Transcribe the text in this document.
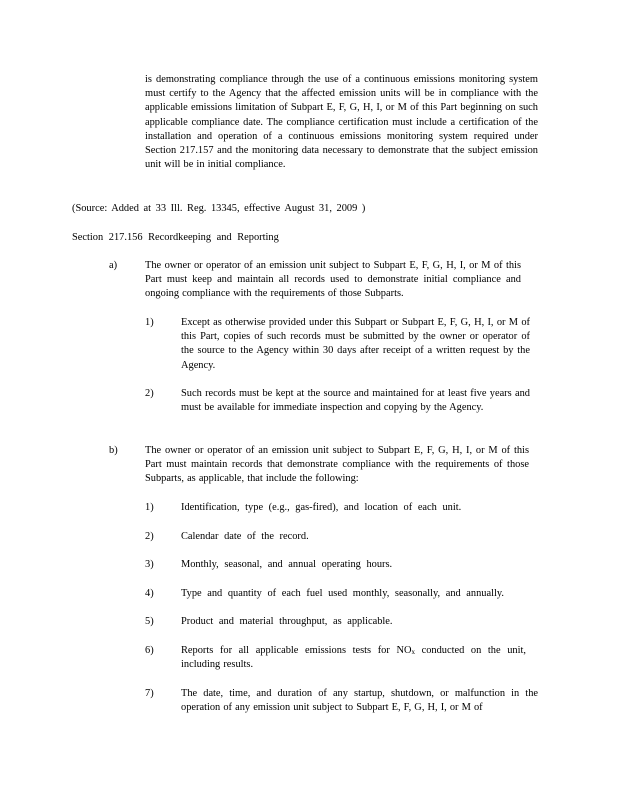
is demonstrating compliance through the use of a continuous emissions monitoring system must certify to the Agency that the affected emission units will be in compliance with the applicable emissions limitation of Subpart E, F, G, H, I, or M of this Part beginning on such applicable compliance date. The compliance certification must include a certification of the installation and operation of a continuous emissions monitoring system required under Section 217.157 and the monitoring data necessary to demonstrate that the subject emission unit will be in initial compliance.
(Source: Added at 33 Ill. Reg. 13345, effective August 31, 2009 )
Section 217.156 Recordkeeping and Reporting
a)	The owner or operator of an emission unit subject to Subpart E, F, G, H, I, or M of this Part must keep and maintain all records used to demonstrate initial compliance and ongoing compliance with the requirements of those Subparts.
1)	Except as otherwise provided under this Subpart or Subpart E, F, G, H, I, or M of this Part, copies of such records must be submitted by the owner or operator of the source to the Agency within 30 days after receipt of a written request by the Agency.
2)	Such records must be kept at the source and maintained for at least five years and must be available for immediate inspection and copying by the Agency.
b)	The owner or operator of an emission unit subject to Subpart E, F, G, H, I, or M of this Part must maintain records that demonstrate compliance with the requirements of those Subparts, as applicable, that include the following:
1)	Identification, type (e.g., gas-fired), and location of each unit.
2)	Calendar date of the record.
3)	Monthly, seasonal, and annual operating hours.
4)	Type and quantity of each fuel used monthly, seasonally, and annually.
5)	Product and material throughput, as applicable.
6)	Reports for all applicable emissions tests for $NO_x$ conducted on the unit, including results.
7)	The date, time, and duration of any startup, shutdown, or malfunction in the operation of any emission unit subject to Subpart E, F, G, H, I, or M of
